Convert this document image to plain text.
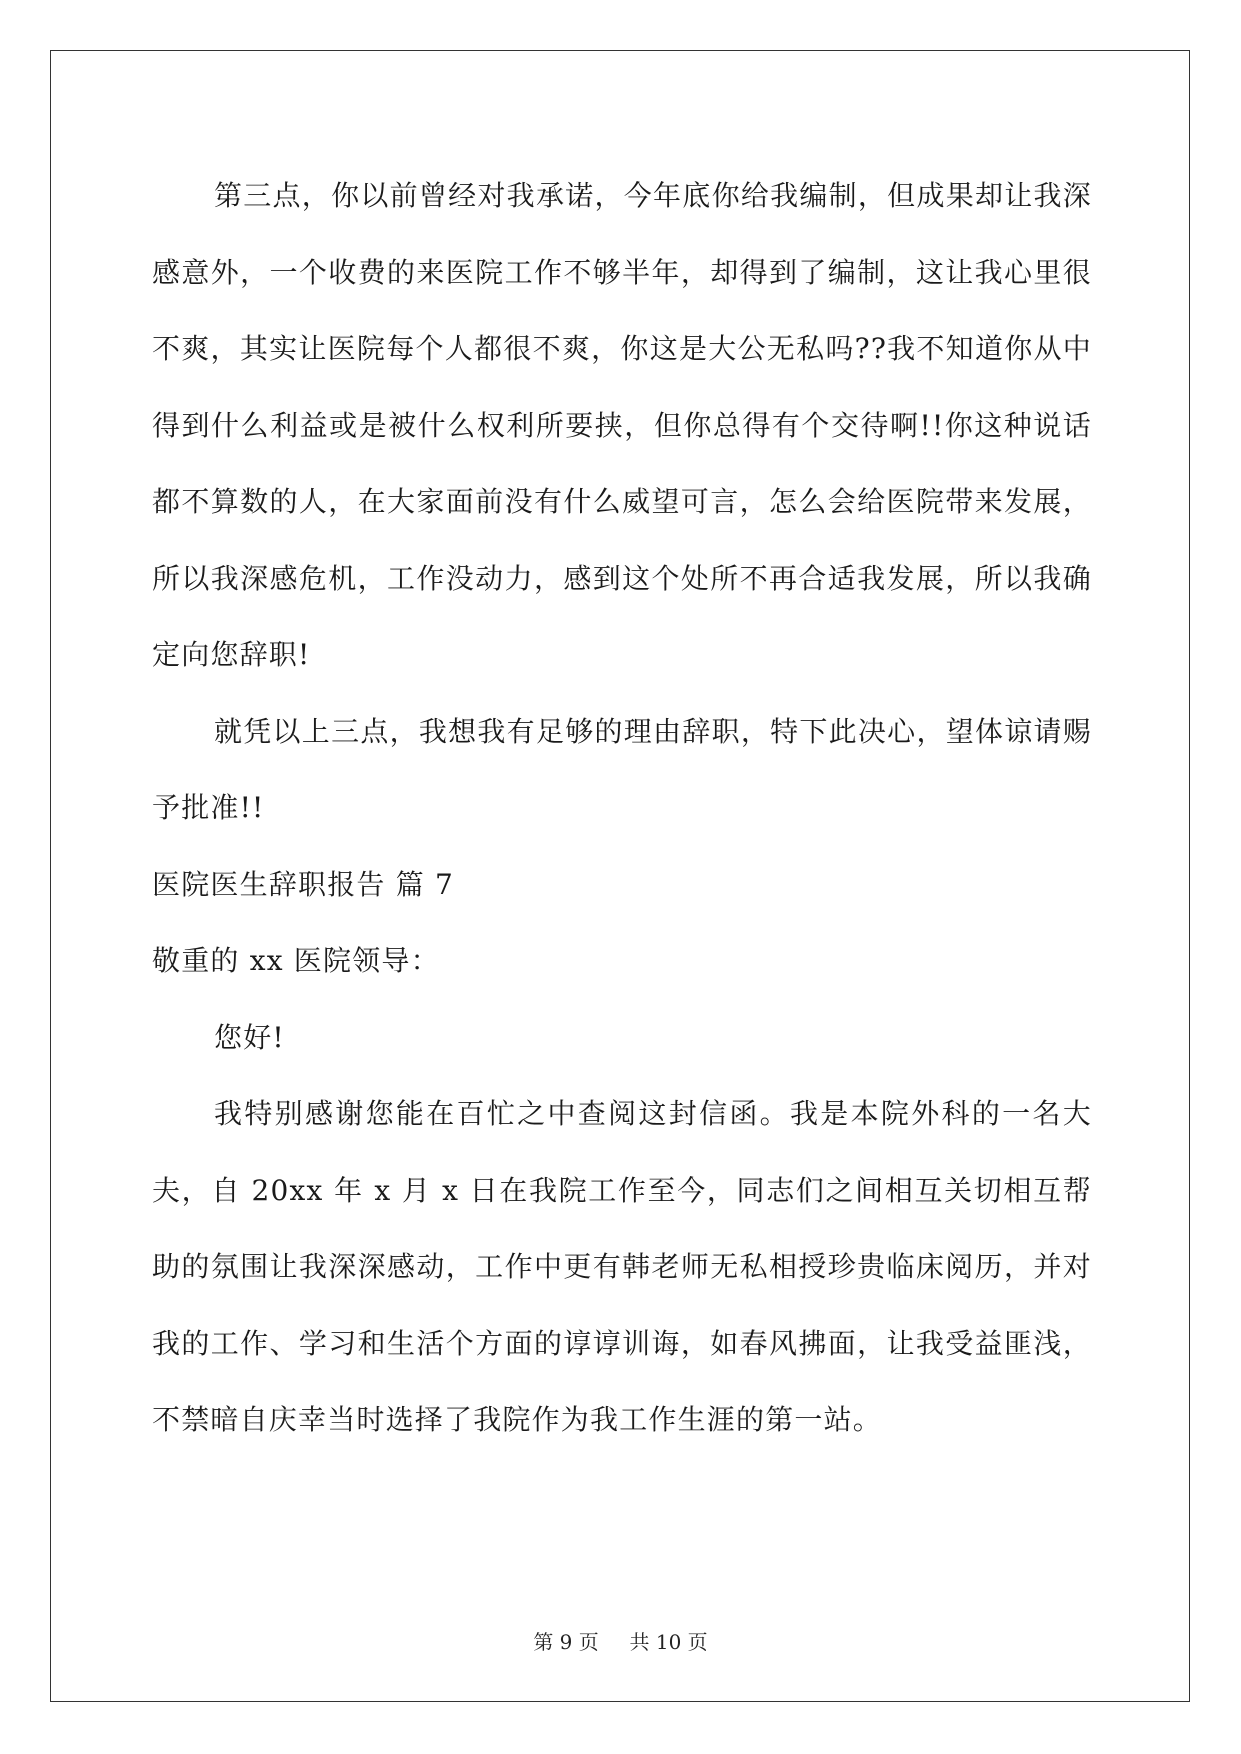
第三点，你以前曾经对我承诺，今年底你给我编制，但成果却让我深感意外，一个收费的来医院工作不够半年，却得到了编制，这让我心里很不爽，其实让医院每个人都很不爽，你这是大公无私吗??我不知道你从中得到什么利益或是被什么权利所要挟，但你总得有个交待啊!!你这种说话都不算数的人，在大家面前没有什么威望可言，怎么会给医院带来发展，所以我深感危机，工作没动力，感到这个处所不再合适我发展，所以我确定向您辞职!

就凭以上三点，我想我有足够的理由辞职，特下此决心，望体谅请赐予批准!!

医院医生辞职报告 篇 7

敬重的 xx 医院领导：

您好!

我特别感谢您能在百忙之中查阅这封信函。我是本院外科的一名大夫，自 20xx 年 x 月 x 日在我院工作至今，同志们之间相互关切相互帮助的氛围让我深深感动，工作中更有韩老师无私相授珍贵临床阅历，并对我的工作、学习和生活个方面的谆谆训诲，如春风拂面，让我受益匪浅，不禁暗自庆幸当时选择了我院作为我工作生涯的第一站。

第 9 页 共 10 页
